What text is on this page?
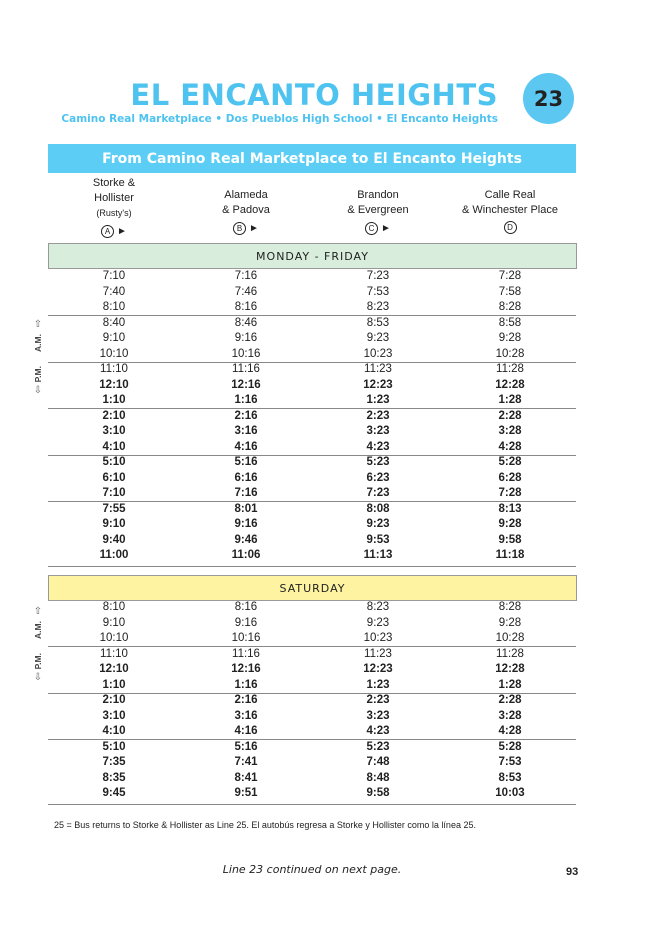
EL ENCANTO HEIGHTS	23
Camino Real Marketplace • Dos Pueblos High School • El Encanto Heights
From Camino Real Marketplace to El Encanto Heights
Storke &
Hollister
(Rusty's)
A ►
Alameda
& Padova
B ►
Brandon
& Evergreen
C ►
Calle Real
& Winchester Place
D
MONDAY - FRIDAY
7:10	7:16	7:23	7:28
7:40	7:46	7:53	7:58
8:10	8:16	8:23	8:28
8:40	8:46	8:53	8:58
9:10	9:16	9:23	9:28
10:10	10:16	10:23	10:28
11:10	11:16	11:23	11:28
12:10	12:16	12:23	12:28
1:10	1:16	1:23	1:28
2:10	2:16	2:23	2:28
3:10	3:16	3:23	3:28
4:10	4:16	4:23	4:28
5:10	5:16	5:23	5:28
6:10	6:16	6:23	6:28
7:10	7:16	7:23	7:28
7:55	8:01	8:08	8:13
9:10	9:16	9:23	9:28
9:40	9:46	9:53	9:58
11:00	11:06	11:13	11:18
⇧
A.M.
P.M.
⇩
SATURDAY
8:10	8:16	8:23	8:28
9:10	9:16	9:23	9:28
10:10	10:16	10:23	10:28
11:10	11:16	11:23	11:28
12:10	12:16	12:23	12:28
1:10	1:16	1:23	1:28
2:10	2:16	2:23	2:28
3:10	3:16	3:23	3:28
4:10	4:16	4:23	4:28
5:10	5:16	5:23	5:28
7:35	7:41	7:48	7:53
8:35	8:41	8:48	8:53
9:45	9:51	9:58	10:03
⇧
A.M.
P.M.
⇩
25 = Bus returns to Storke & Hollister as Line 25. El autobús regresa a Storke y Hollister como la línea 25.
Line 23 continued on next page.	93
